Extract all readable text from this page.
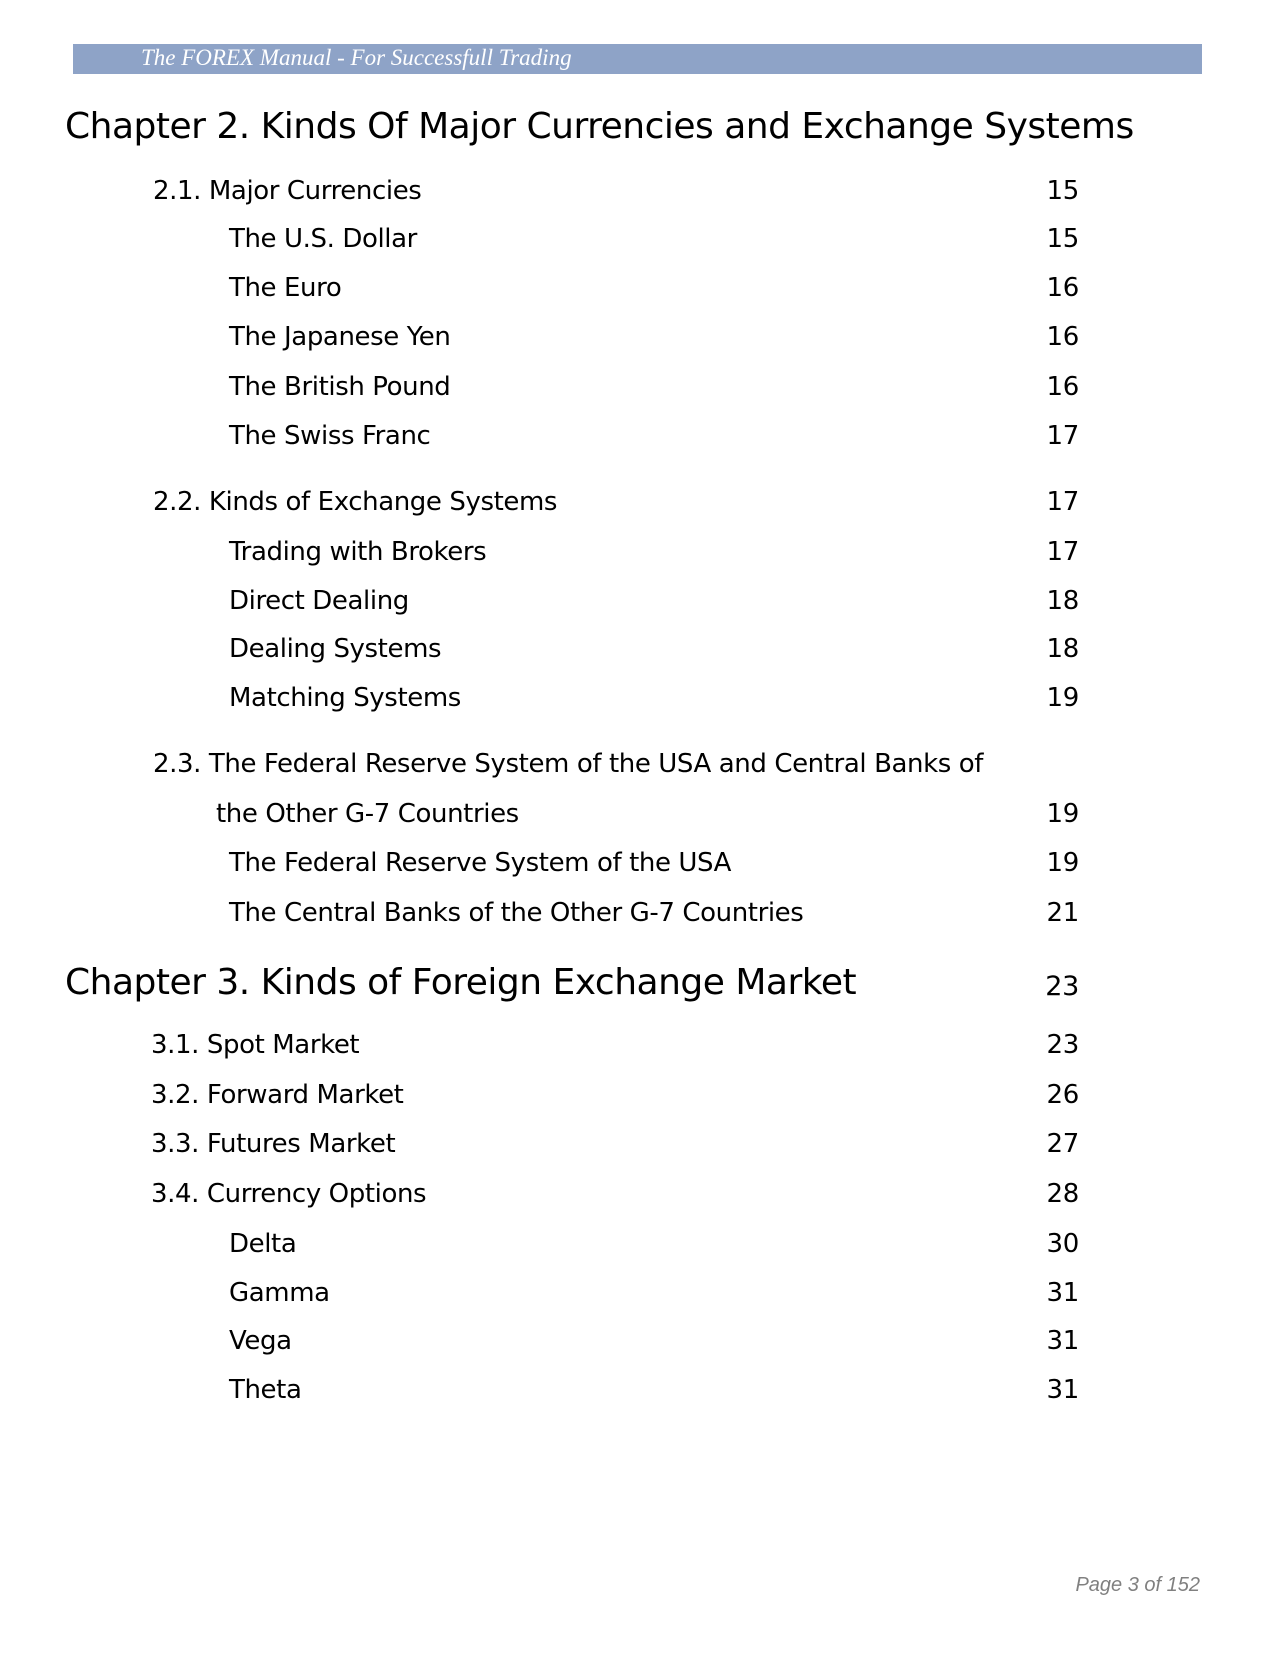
The FOREX Manual - For Successfull Trading
Chapter 2. Kinds Of Major Currencies and Exchange Systems
2.1. Major Currencies	15
The U.S. Dollar	15
The Euro	16
The Japanese Yen	16
The British Pound	16
The Swiss Franc	17
2.2. Kinds of Exchange Systems	17
Trading with Brokers	17
Direct Dealing	18
Dealing Systems	18
Matching Systems	19
2.3. The Federal Reserve System of the USA and Central Banks of
the Other G-7 Countries	19
The Federal Reserve System of the USA	19
The Central Banks of the Other G-7 Countries	21
Chapter 3. Kinds of Foreign Exchange Market	23
3.1. Spot Market	23
3.2. Forward Market	26
3.3. Futures Market	27
3.4. Currency Options	28
Delta	30
Gamma	31
Vega	31
Theta	31
Page 3 of 152
